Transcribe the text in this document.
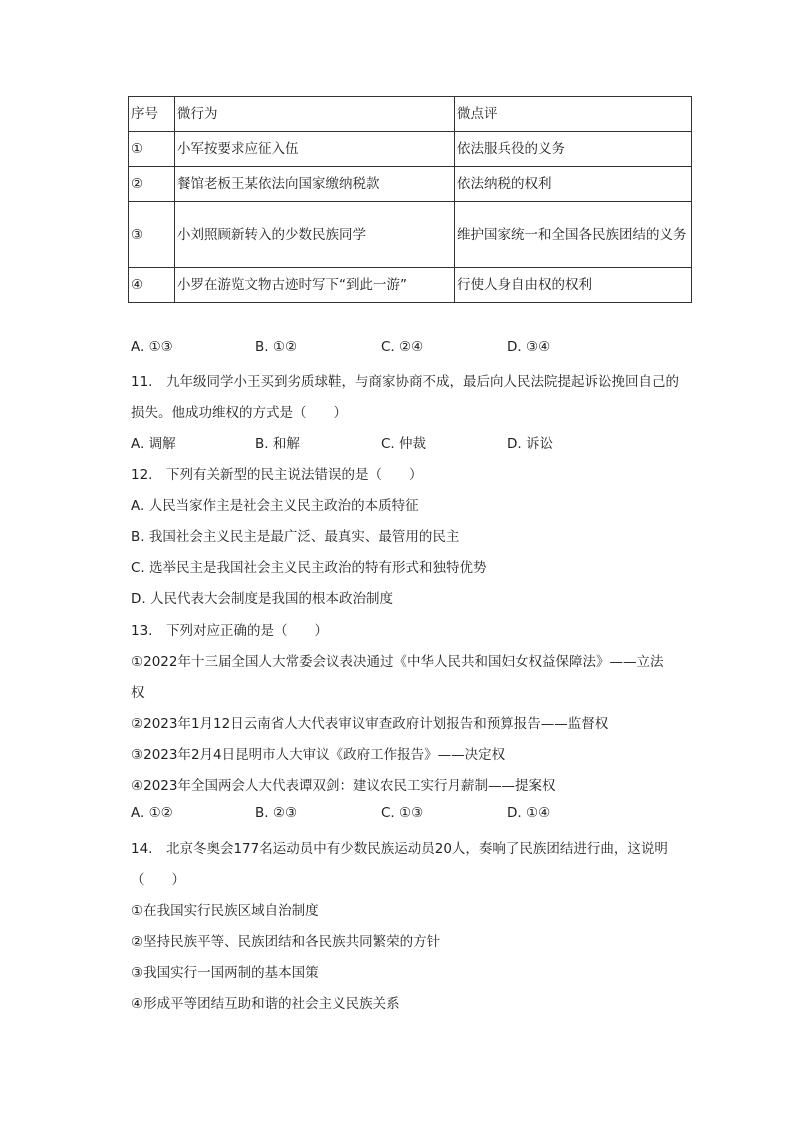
序号	微行为	微点评
①	小军按要求应征入伍	依法服兵役的义务
②	餐馆老板王某依法向国家缴纳税款	依法纳税的权利
③	小刘照顾新转入的少数民族同学	维护国家统一和全国各民族团结的义务
④	小罗在游览文物古迹时写下“到此一游”	行使人身自由权的权利
A. ①③	B. ①②	C. ②④	D. ③④
11.　九年级同学小王买到劣质球鞋，与商家协商不成，最后向人民法院提起诉讼挽回自己的
损失。他成功维权的方式是（　　）
A. 调解	B. 和解	C. 仲裁	D. 诉讼
12.　下列有关新型的民主说法错误的是（　　）
A. 人民当家作主是社会主义民主政治的本质特征
B. 我国社会主义民主是最广泛、最真实、最管用的民主
C. 选举民主是我国社会主义民主政治的特有形式和独特优势
D. 人民代表大会制度是我国的根本政治制度
13.　下列对应正确的是（　　）
①2022年十三届全国人大常委会议表决通过《中华人民共和国妇女权益保障法》——立法
权
②2023年1月12日云南省人大代表审议审查政府计划报告和预算报告——监督权
③2023年2月4日昆明市人大审议《政府工作报告》——决定权
④2023年全国两会人大代表谭双剑：建议农民工实行月薪制——提案权
A. ①②	B. ②③	C. ①③	D. ①④
14.　北京冬奥会177名运动员中有少数民族运动员20人，奏响了民族团结进行曲，这说明
（　　）
①在我国实行民族区域自治制度
②坚持民族平等、民族团结和各民族共同繁荣的方针
③我国实行一国两制的基本国策
④形成平等团结互助和谐的社会主义民族关系
